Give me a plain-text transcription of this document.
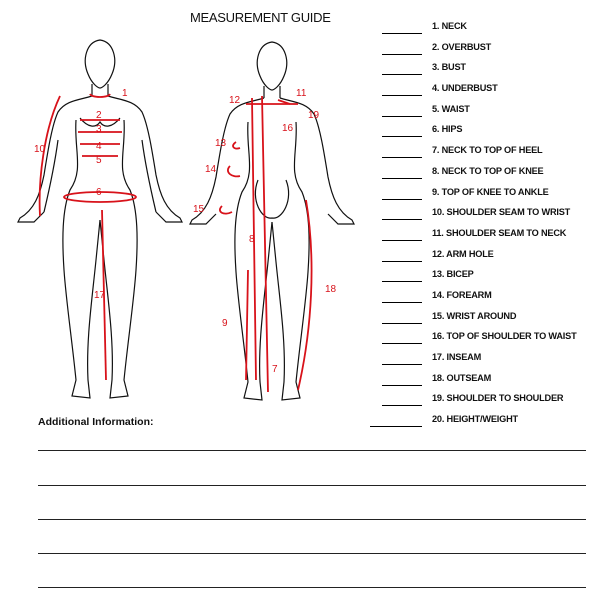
MEASUREMENT GUIDE
1
2
3
4
5
6
7
8
9
10
11
12
13
14
15
16
17
18
19
1. NECK
2. OVERBUST
3. BUST
4. UNDERBUST
5. WAIST
6. HIPS
7. NECK TO TOP OF HEEL
8. NECK TO TOP OF KNEE
9. TOP OF KNEE TO ANKLE
10. SHOULDER SEAM TO WRIST
11. SHOULDER SEAM TO NECK
12. ARM HOLE
13. BICEP
14. FOREARM
15. WRIST AROUND
16. TOP OF SHOULDER TO WAIST
17. INSEAM
18. OUTSEAM
19. SHOULDER TO SHOULDER
20. HEIGHT/WEIGHT
Additional Information:
